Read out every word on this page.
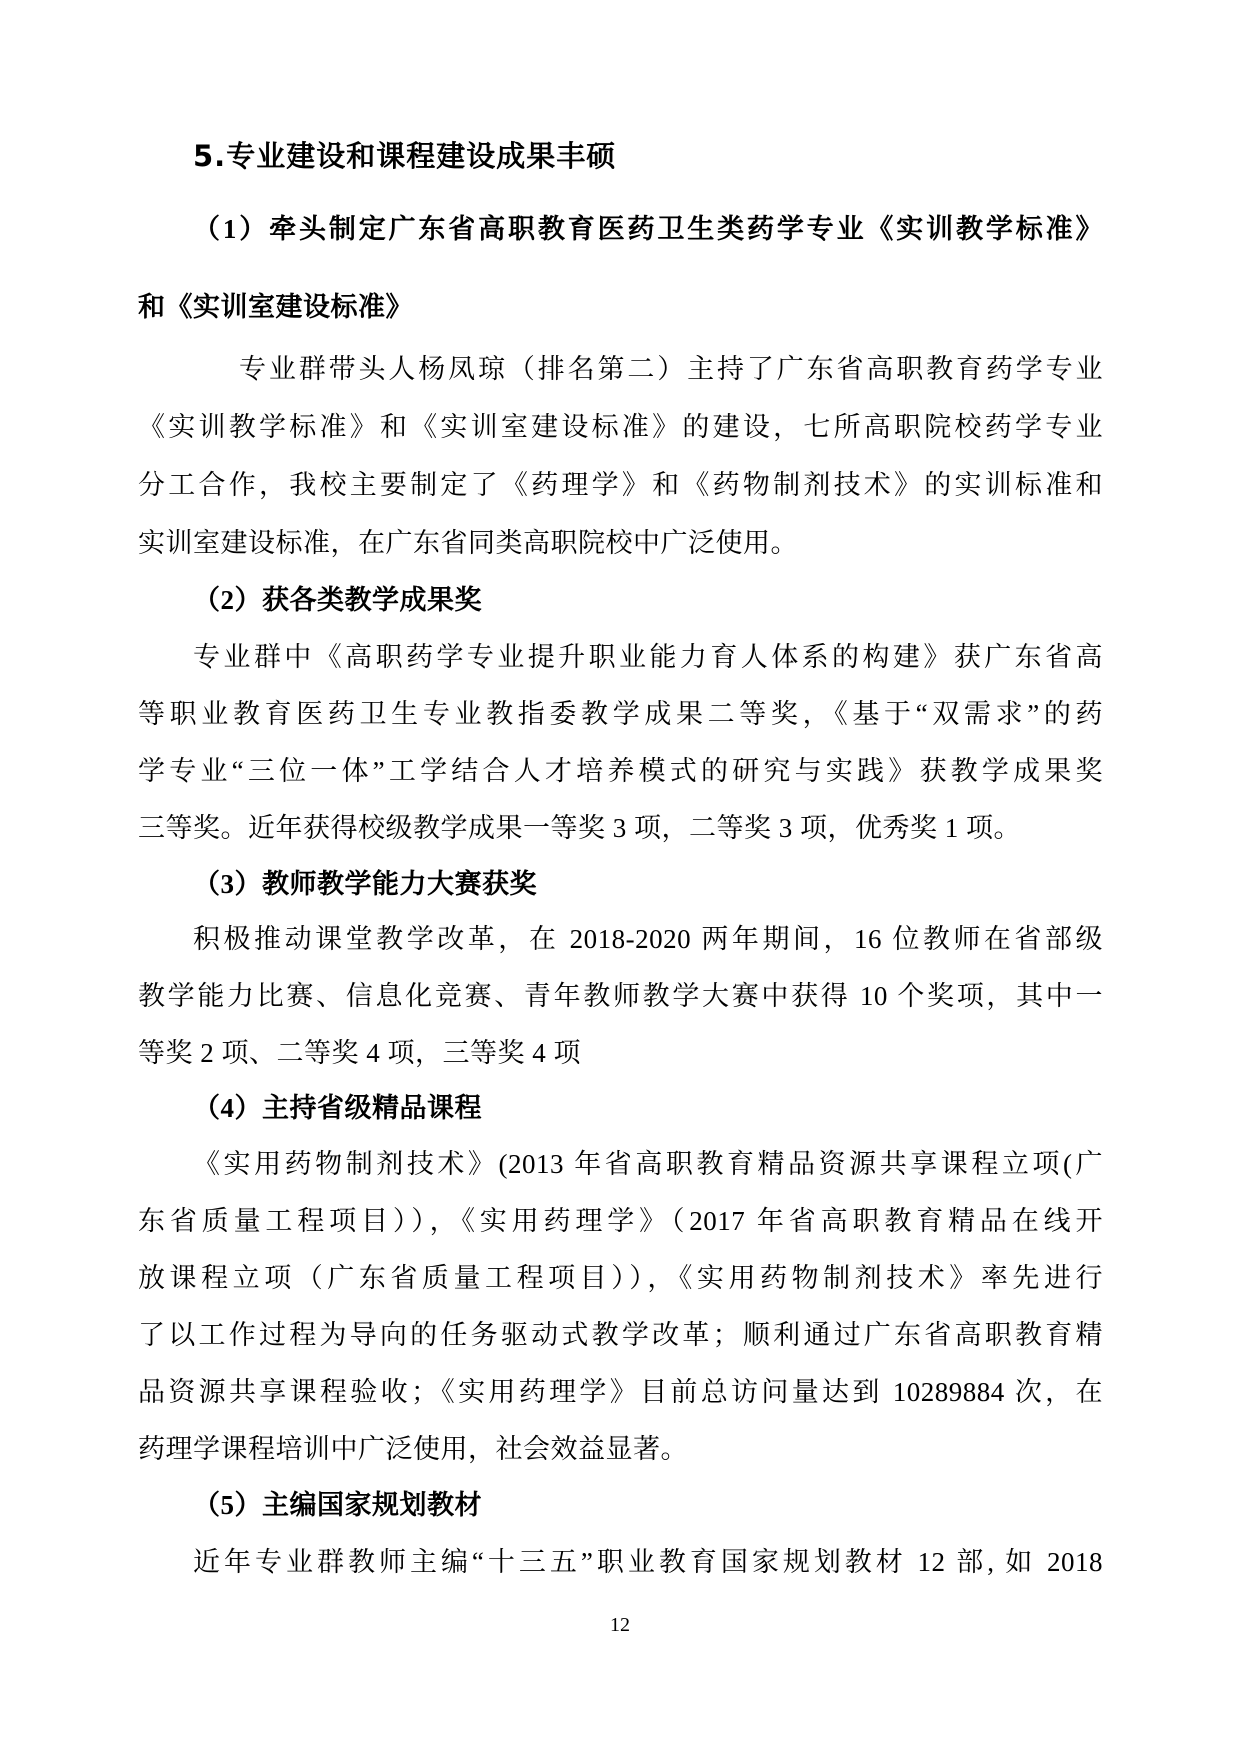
5.专业建设和课程建设成果丰硕
（1）牵头制定广东省高职教育医药卫生类药学专业《实训教学标准》
和《实训室建设标准》
专业群带头人杨凤琼（排名第二）主持了广东省高职教育药学专业
《实训教学标准》和《实训室建设标准》的建设，七所高职院校药学专业
分工合作，我校主要制定了《药理学》和《药物制剂技术》的实训标准和
实训室建设标准，在广东省同类高职院校中广泛使用。
（2）获各类教学成果奖
专业群中《高职药学专业提升职业能力育人体系的构建》获广东省高
等职业教育医药卫生专业教指委教学成果二等奖，《基于“双需求”的药
学专业“三位一体”工学结合人才培养模式的研究与实践》获教学成果奖
三等奖。近年获得校级教学成果一等奖 3 项，二等奖 3 项，优秀奖 1 项。
（3）教师教学能力大赛获奖
积极推动课堂教学改革，在 2018-2020 两年期间，16 位教师在省部级
教学能力比赛、信息化竞赛、青年教师教学大赛中获得 10 个奖项，其中一
等奖 2 项、二等奖 4 项，三等奖 4 项
（4）主持省级精品课程
《实用药物制剂技术》(2013 年省高职教育精品资源共享课程立项(广
东省质量工程项目）），《实用药理学》（2017 年省高职教育精品在线开
放课程立项（广东省质量工程项目）），《实用药物制剂技术》率先进行
了以工作过程为导向的任务驱动式教学改革；顺利通过广东省高职教育精
品资源共享课程验收；《实用药理学》目前总访问量达到 10289884 次，在
药理学课程培训中广泛使用，社会效益显著。
（5）主编国家规划教材
近年专业群教师主编“十三五”职业教育国家规划教材 12 部, 如 2018
12
